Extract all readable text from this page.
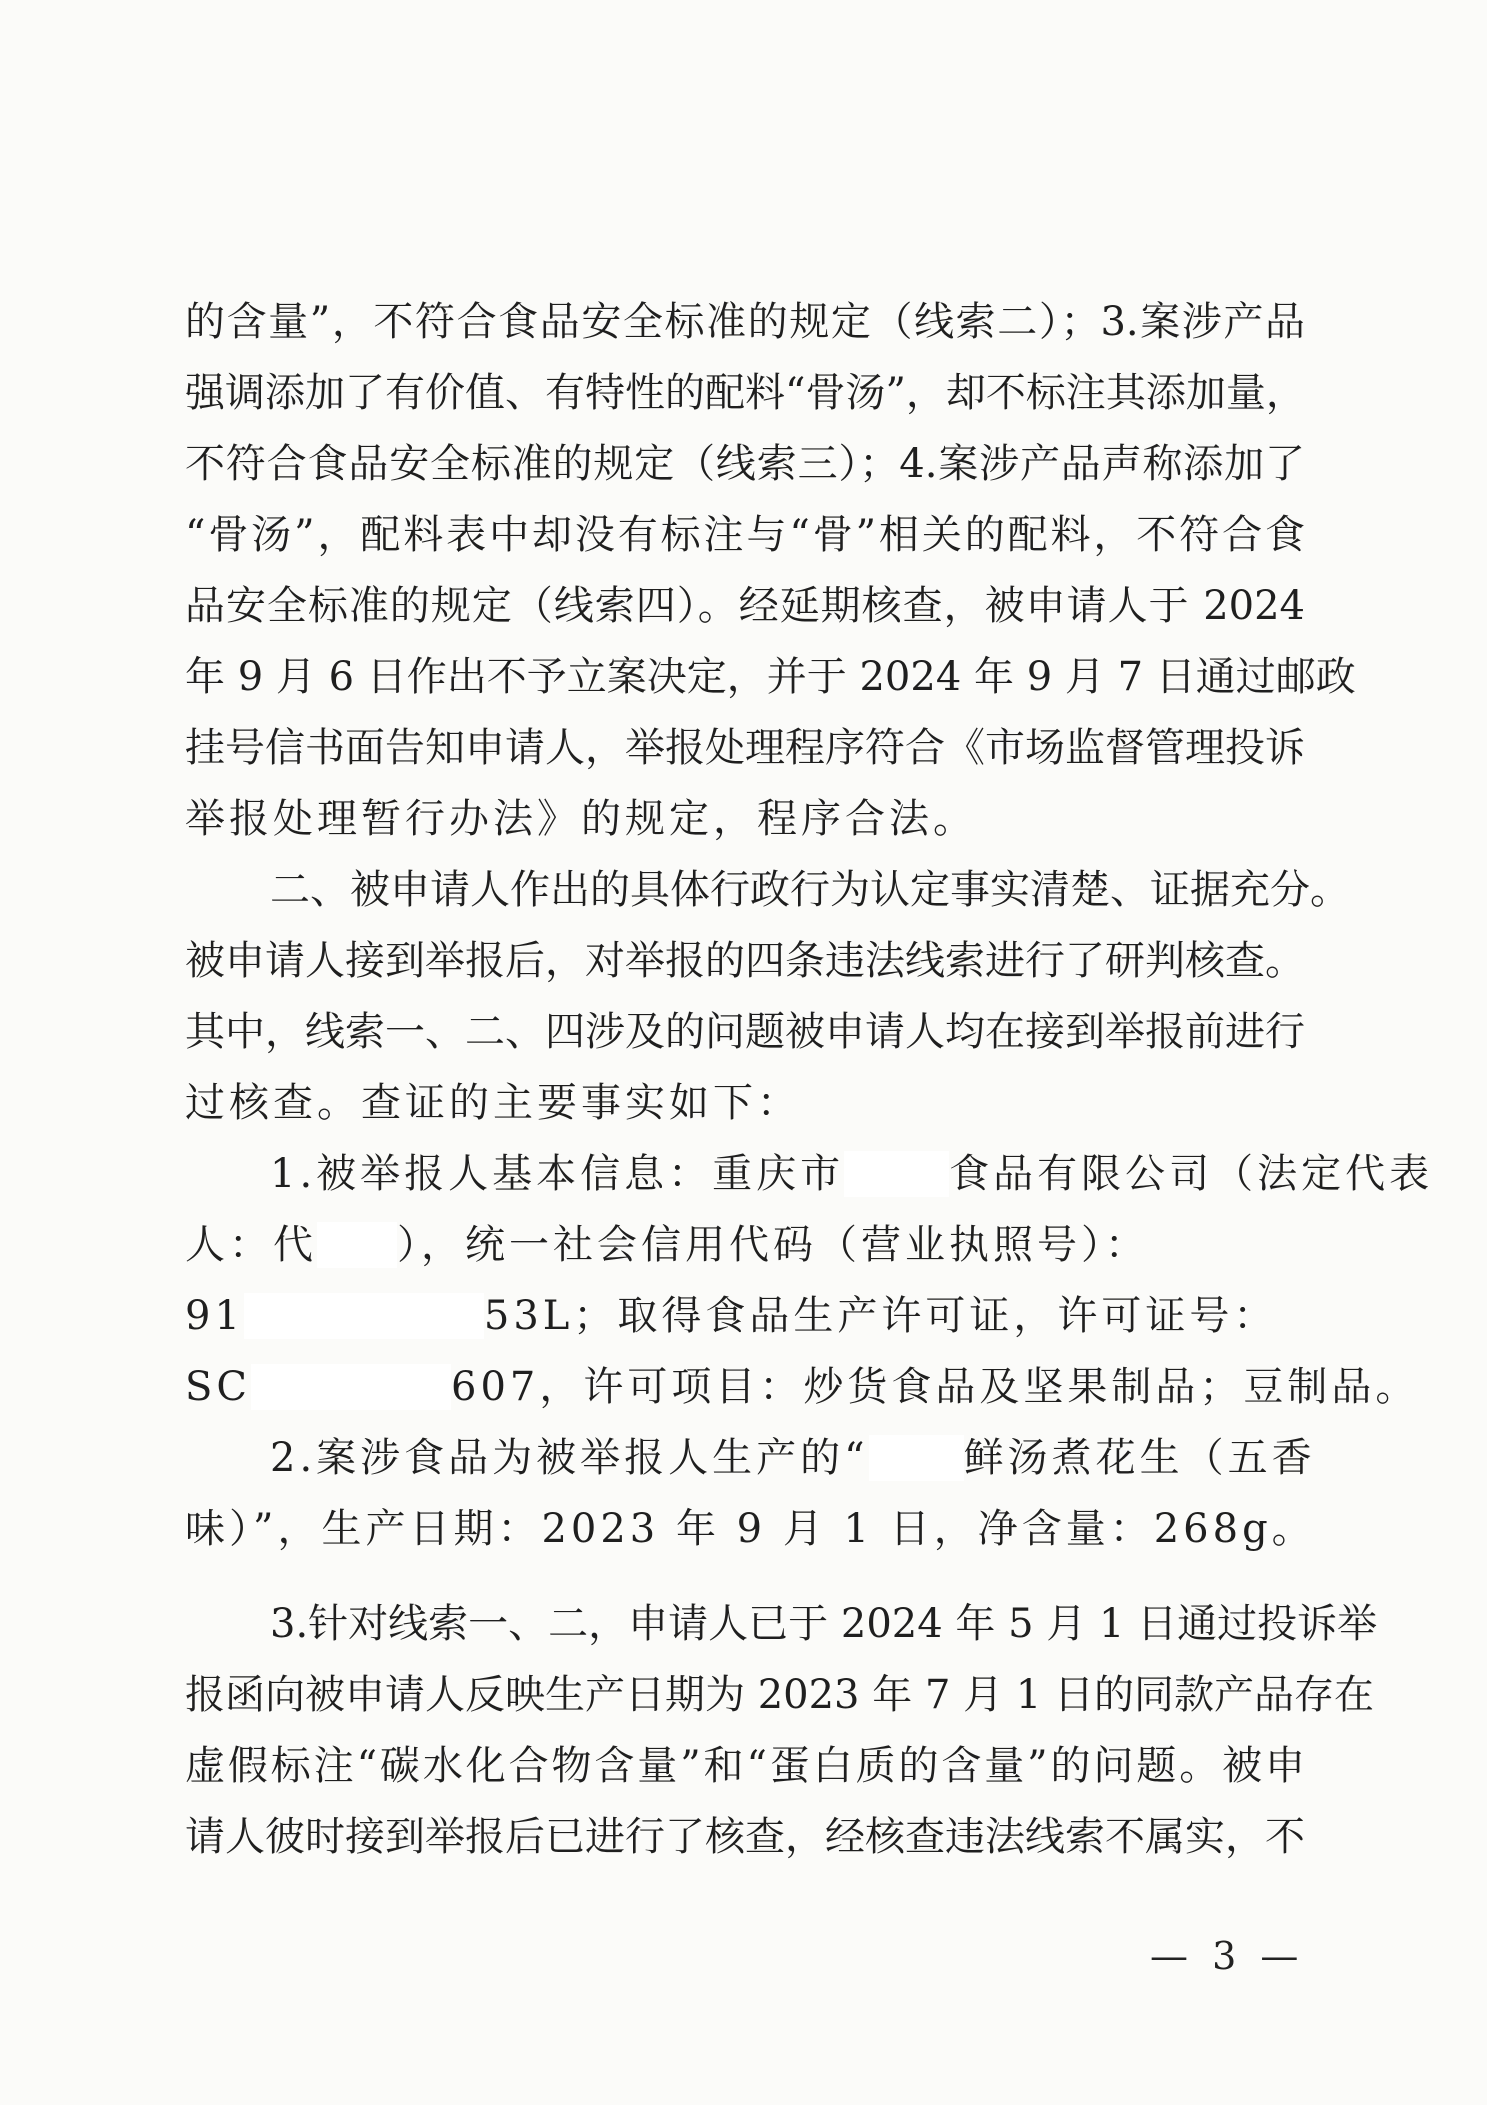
的含量”，不符合食品安全标准的规定（线索二）；3.案涉产品
强调添加了有价值、有特性的配料“骨汤”，却不标注其添加量，
不符合食品安全标准的规定（线索三）；4.案涉产品声称添加了
“骨汤”，配料表中却没有标注与“骨”相关的配料，不符合食
品安全标准的规定（线索四）。经延期核查，被申请人于 2024
年 9 月 6 日作出不予立案决定，并于 2024 年 9 月 7 日通过邮政
挂号信书面告知申请人，举报处理程序符合《市场监督管理投诉
举报处理暂行办法》的规定，程序合法。
二、被申请人作出的具体行政行为认定事实清楚、证据充分。
被申请人接到举报后，对举报的四条违法线索进行了研判核查。
其中，线索一、二、四涉及的问题被申请人均在接到举报前进行
过核查。查证的主要事实如下：
1.被举报人基本信息：重庆市	食品有限公司（法定代表
人：代 ），统一社会信用代码（营业执照号）：
91	53L；取得食品生产许可证，许可证号：
SC	607，许可项目：炒货食品及坚果制品；豆制品。
2.案涉食品为被举报人生产的“ 鲜汤煮花生（五香
味）”，生产日期：2023 年 9 月 1 日，净含量：268g。
3.针对线索一、二，申请人已于 2024 年 5 月 1 日通过投诉举
报函向被申请人反映生产日期为 2023 年 7 月 1 日的同款产品存在
虚假标注“碳水化合物含量”和“蛋白质的含量”的问题。被申
请人彼时接到举报后已进行了核查，经核查违法线索不属实，不
— 3 —
